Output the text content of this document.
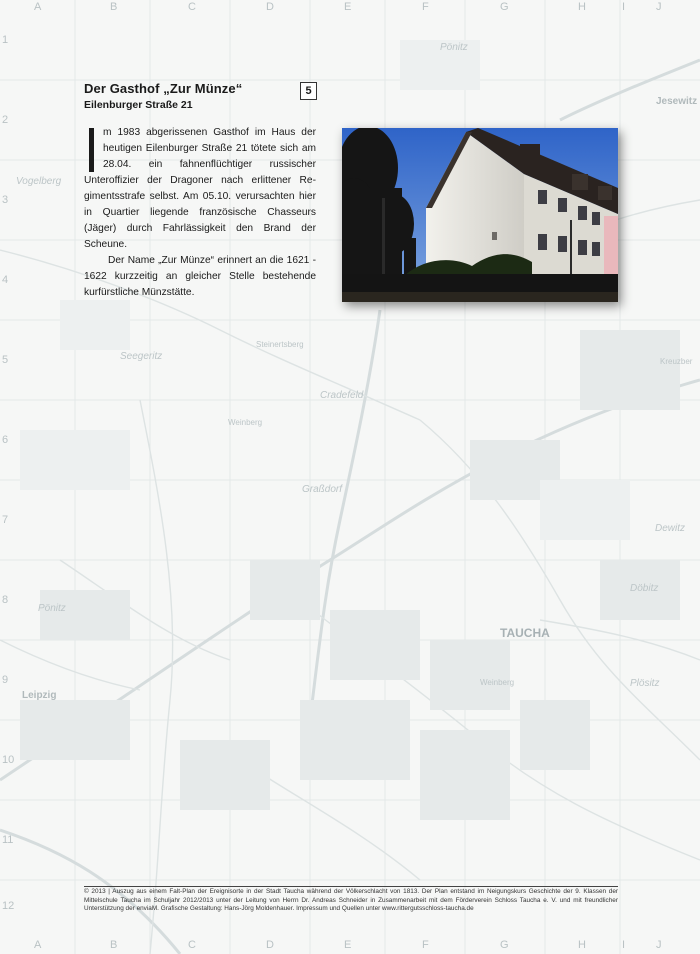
A	B	C	D	E	F	G	H	I	J
A	B	C	D	E	F	G	H	I	J
1
2
3
4
5
6
7
8
9
10
11
12
Pönitz
Jesewitz
Vogelberg
Seegeritz
Steinertsberg
Cradefeld
Weinberg
Graßdorf
Dewitz
Döbitz
Pönitz
TAUCHA
Leipzig
Weinberg	Plösitz
Kreuzber
Der Gasthof „Zur Münze“
Eilenburger Straße 21
5

m 1983 abgerissenen Gasthof im Haus der heutigen Eilenburger Straße 21 tötete sich am 28.04. ein fahnenflüchtiger russischer Unteroffizier der Dragoner nach erlittener Regimentsstrafe selbst. Am 05.10. verursachten hier in Quartier liegende französische Chasseurs (Jäger) durch Fahrlässigkeit den Brand der Scheune.

Der Name „Zur Münze“ erinnert an die 1621 - 1622 kurzzeitig an gleicher Stelle bestehende kurfürstliche Münzstätte.

© 2013 | Auszug aus einem Falt-Plan der Ereignisorte in der Stadt Taucha während der Völkerschlacht von 1813. Der Plan entstand im Neigungskurs Geschichte der 9. Klassen der Mittelschule Taucha im Schuljahr 2012/2013 unter der Leitung von Herrn Dr. Andreas Schneider in Zusammenarbeit mit dem Förderverein Schloss Taucha e. V. und mit freundlicher Unterstützung der enviaM. Grafische Gestaltung: Hans-Jörg Moldenhauer. Impressum und Quellen unter www.rittergutsschloss-taucha.de
